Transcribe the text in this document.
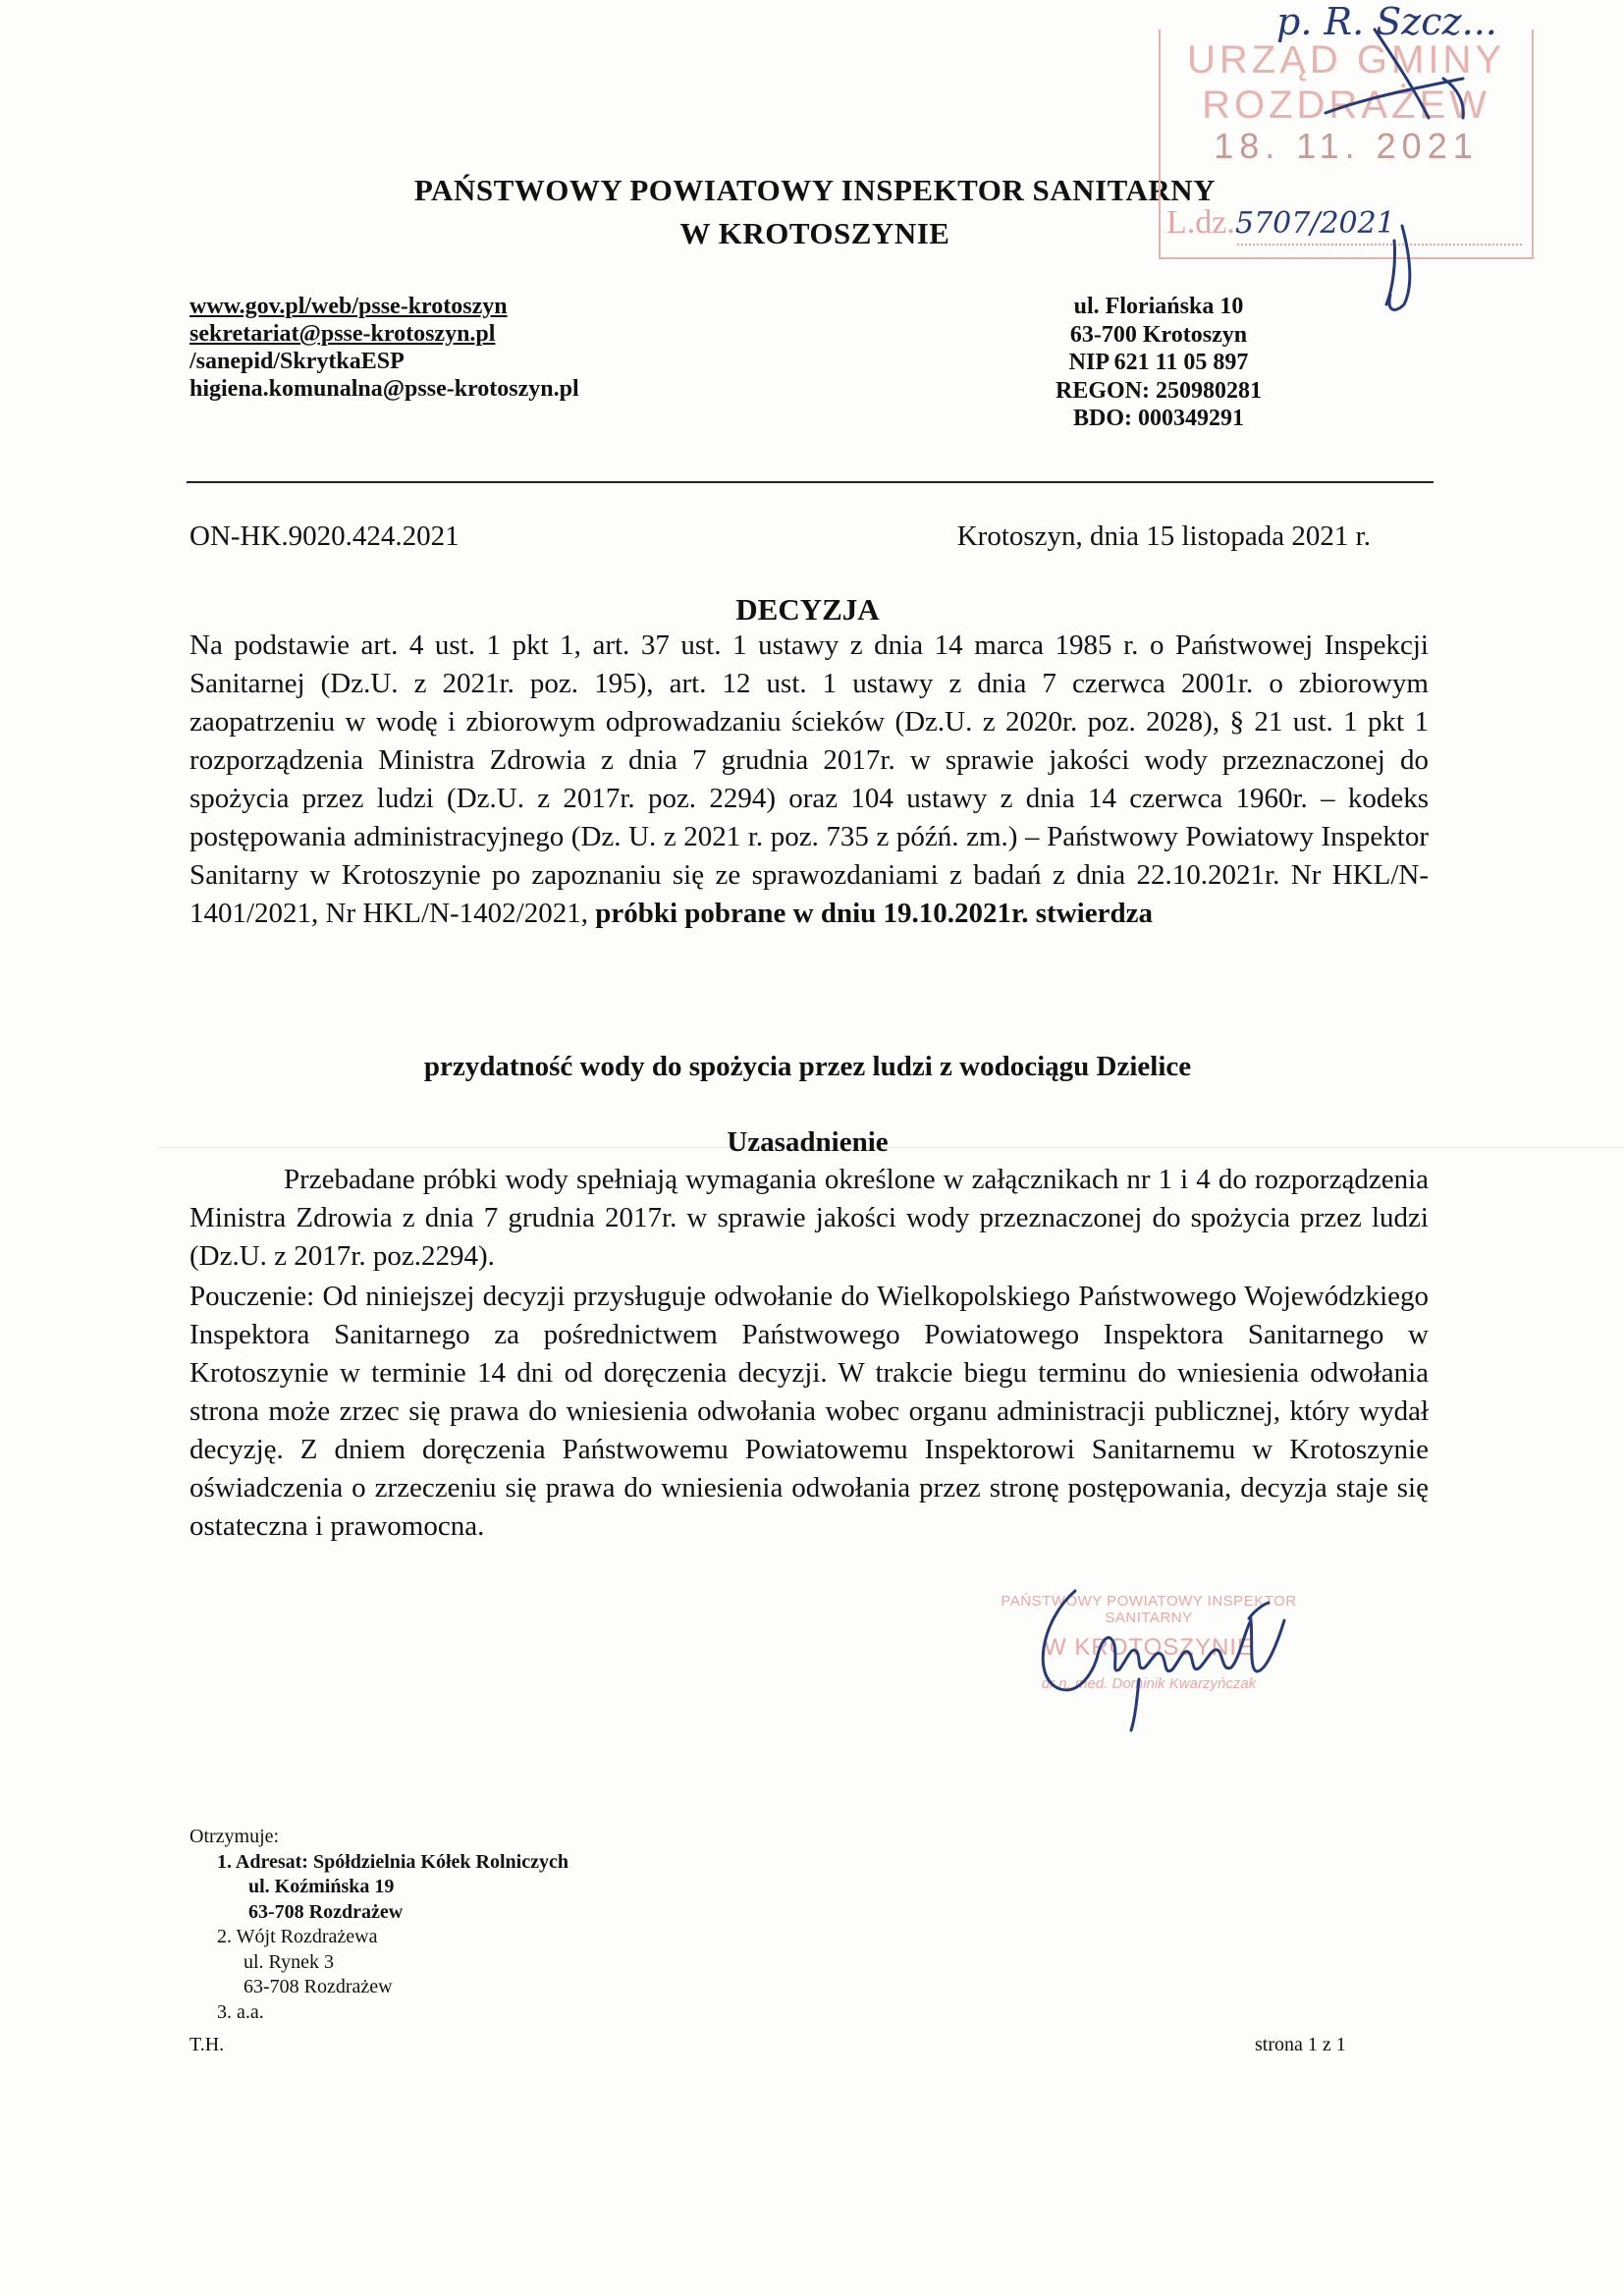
PAŃSTWOWY POWIATOWY INSPEKTOR SANITARNY
W KROTOSZYNIE
www.gov.pl/web/psse-krotoszyn
sekretariat@psse-krotoszyn.pl
/sanepid/SkrytkaESP
higiena.komunalna@psse-krotoszyn.pl
ul. Floriańska 10
63-700 Krotoszyn
NIP 621 11 05 897
REGON: 250980281
BDO: 000349291
ON-HK.9020.424.2021	Krotoszyn, dnia 15 listopada 2021 r.
DECYZJA
Na podstawie art. 4 ust. 1 pkt 1, art. 37 ust. 1 ustawy z dnia 14 marca 1985 r. o Państwowej Inspekcji Sanitarnej (Dz.U. z 2021r. poz. 195), art. 12 ust. 1 ustawy z dnia 7 czerwca 2001r. o zbiorowym zaopatrzeniu w wodę i zbiorowym odprowadzaniu ścieków (Dz.U. z 2020r. poz. 2028), § 21 ust. 1 pkt 1 rozporządzenia Ministra Zdrowia z dnia 7 grudnia 2017r. w sprawie jakości wody przeznaczonej do spożycia przez ludzi (Dz.U. z 2017r. poz. 2294) oraz 104 ustawy z dnia 14 czerwca 1960r. – kodeks postępowania administracyjnego (Dz. U. z 2021 r. poz. 735 z późń. zm.) – Państwowy Powiatowy Inspektor Sanitarny w Krotoszynie po zapoznaniu się ze sprawozdaniami z badań z dnia 22.10.2021r. Nr HKL/N-1401/2021, Nr HKL/N-1402/2021, próbki pobrane w dniu 19.10.2021r. stwierdza
przydatność wody do spożycia przez ludzi z wodociągu Dzielice
Uzasadnienie
Przebadane próbki wody spełniają wymagania określone w załącznikach nr 1 i 4 do rozporządzenia Ministra Zdrowia z dnia 7 grudnia 2017r. w sprawie jakości wody przeznaczonej do spożycia przez ludzi (Dz.U. z 2017r. poz.2294).
Pouczenie: Od niniejszej decyzji przysługuje odwołanie do Wielkopolskiego Państwowego Wojewódzkiego Inspektora Sanitarnego za pośrednictwem Państwowego Powiatowego Inspektora Sanitarnego w Krotoszynie w terminie 14 dni od doręczenia decyzji. W trakcie biegu terminu do wniesienia odwołania strona może zrzec się prawa do wniesienia odwołania wobec organu administracji publicznej, który wydał decyzję. Z dniem doręczenia Państwowemu Powiatowemu Inspektorowi Sanitarnemu w Krotoszynie oświadczenia o zrzeczeniu się prawa do wniesienia odwołania przez stronę postępowania, decyzja staje się ostateczna i prawomocna.
PAŃSTWOWY POWIATOWY INSPEKTOR SANITARNY
W KROTOSZYNIE
dr n. med. Dominik Kwarzyńczak
Otrzymuje:
1. Adresat: Spółdzielnia Kółek Rolniczych
ul. Koźmińska 19
63-708 Rozdrażew
2. Wójt Rozdrażewa
ul. Rynek 3
63-708 Rozdrażew
3. a.a.
T.H.	strona 1 z 1
URZĄD GMINY
ROZDRAŻEW
18. 11. 2021
L.dz.
p. R. Szcz...
5707/2021
